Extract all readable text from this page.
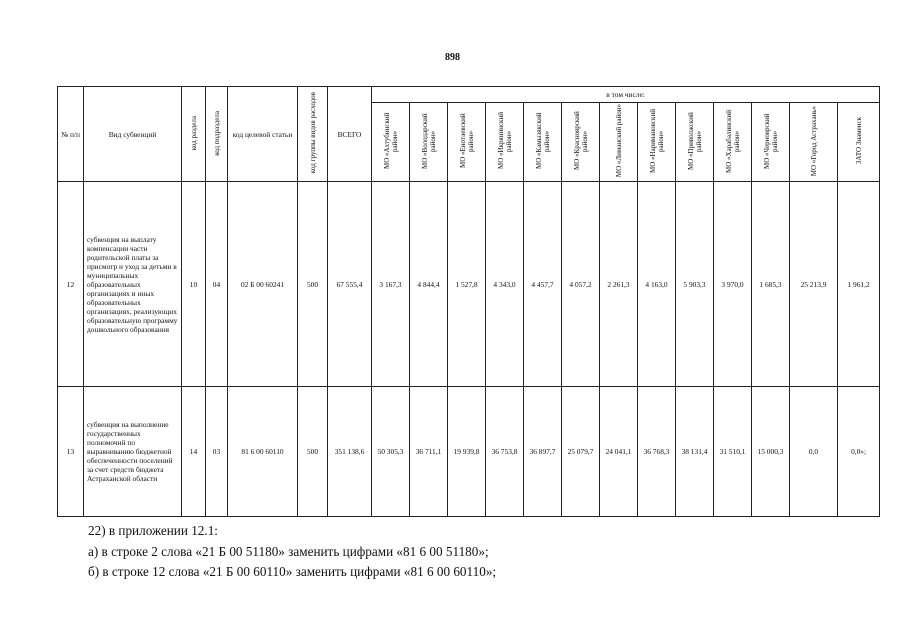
898
№ п/п	Вид субвенций	код раздела	код подраздела	код целевой статьи	код группы видов расходов	ВСЕГО	в том числе:												
							МО «Ахтубинский район»	МО «Володарский район»	МО «Енотаевский район»	МО «Икрянинский район»	МО «Камызякский район»	МО «Красноярский район»	МО «Лиманский район»	МО «Наримановский район»	МО «Приволжский район»	МО «Харабалинский район»	МО «Черноярский район»	МО «Город Астрахань»	ЗАТО Знаменск
12	субвенция на выплату компенсации части родительской платы за присмотр и уход за детьми в муниципальных образовательных организациях и иных образовательных организациях, реализующих образовательную программу дошкольного образования	10	04	02 Б 00 60241	500	67 555,4	3 167,3	4 844,4	1 527,8	4 343,0	4 457,7	4 057,2	2 261,3	4 163,0	5 903,3	3 970,0	1 685,3	25 213,9	1 961,2
13	субвенция на выполнение государственных полномочий по выравниванию бюджетной обеспеченности поселений за счет средств бюджета Астраханской области	14	03	81 6 00 60110	500	351 138,6	50 305,3	36 711,1	19 939,8	36 753,8	36 897,7	25 079,7	24 041,1	36 768,3	38 131,4	31 510,1	15 000,3	0,0	0,0»;
22) в приложении 12.1:
а) в строке 2 слова «21 Б 00 51180» заменить цифрами «81 6 00 51180»;
б) в строке 12 слова «21 Б 00 60110» заменить цифрами «81 6 00 60110»;
